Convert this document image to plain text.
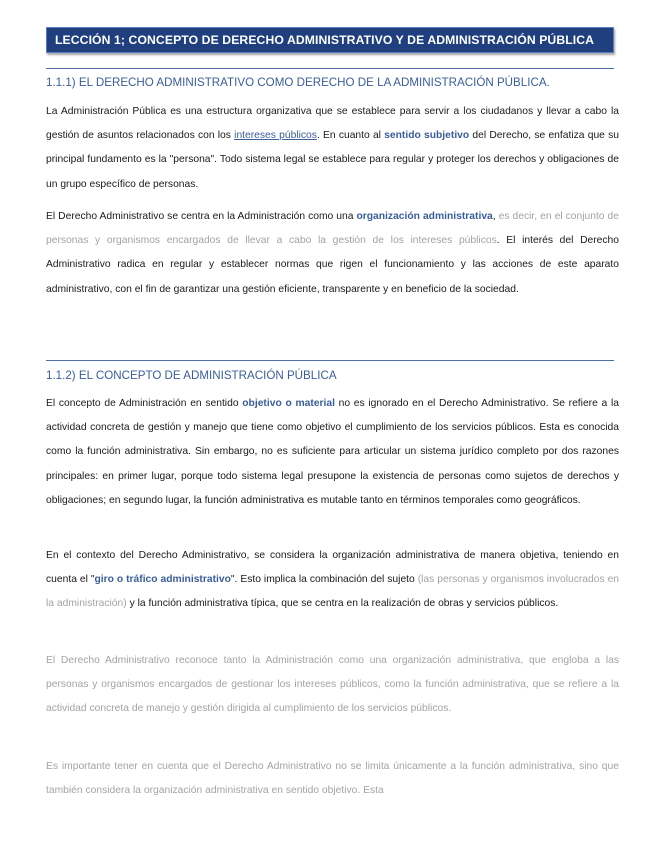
LECCIÓN 1; CONCEPTO DE DERECHO ADMINISTRATIVO Y DE ADMINISTRACIÓN PÚBLICA
1.1.1) EL DERECHO ADMINISTRATIVO COMO DERECHO DE LA ADMINISTRACIÓN PÚBLICA.

La Administración Pública es una estructura organizativa que se establece para servir a los ciudadanos y llevar a cabo la gestión de asuntos relacionados con los intereses públicos. En cuanto al sentido subjetivo del Derecho, se enfatiza que su principal fundamento es la "persona". Todo sistema legal se establece para regular y proteger los derechos y obligaciones de un grupo específico de personas.

El Derecho Administrativo se centra en la Administración como una organización administrativa, es decir, en el conjunto de personas y organismos encargados de llevar a cabo la gestión de los intereses públicos. El interés del Derecho Administrativo radica en regular y establecer normas que rigen el funcionamiento y las acciones de este aparato administrativo, con el fin de garantizar una gestión eficiente, transparente y en beneficio de la sociedad.

1.1.2) EL CONCEPTO DE ADMINISTRACIÓN PÚBLICA

El concepto de Administración en sentido objetivo o material no es ignorado en el Derecho Administrativo. Se refiere a la actividad concreta de gestión y manejo que tiene como objetivo el cumplimiento de los servicios públicos. Esta es conocida como la función administrativa. Sin embargo, no es suficiente para articular un sistema jurídico completo por dos razones principales: en primer lugar, porque todo sistema legal presupone la existencia de personas como sujetos de derechos y obligaciones; en segundo lugar, la función administrativa es mutable tanto en términos temporales como geográficos.

En el contexto del Derecho Administrativo, se considera la organización administrativa de manera objetiva, teniendo en cuenta el "giro o tráfico administrativo". Esto implica la combinación del sujeto (las personas y organismos involucrados en la administración) y la función administrativa típica, que se centra en la realización de obras y servicios públicos.

El Derecho Administrativo reconoce tanto la Administración como una organización administrativa, que engloba a las personas y organismos encargados de gestionar los intereses públicos, como la función administrativa, que se refiere a la actividad concreta de manejo y gestión dirigida al cumplimiento de los servicios públicos.

Es importante tener en cuenta que el Derecho Administrativo no se limita únicamente a la función administrativa, sino que también considera la organización administrativa en sentido objetivo. Esta
